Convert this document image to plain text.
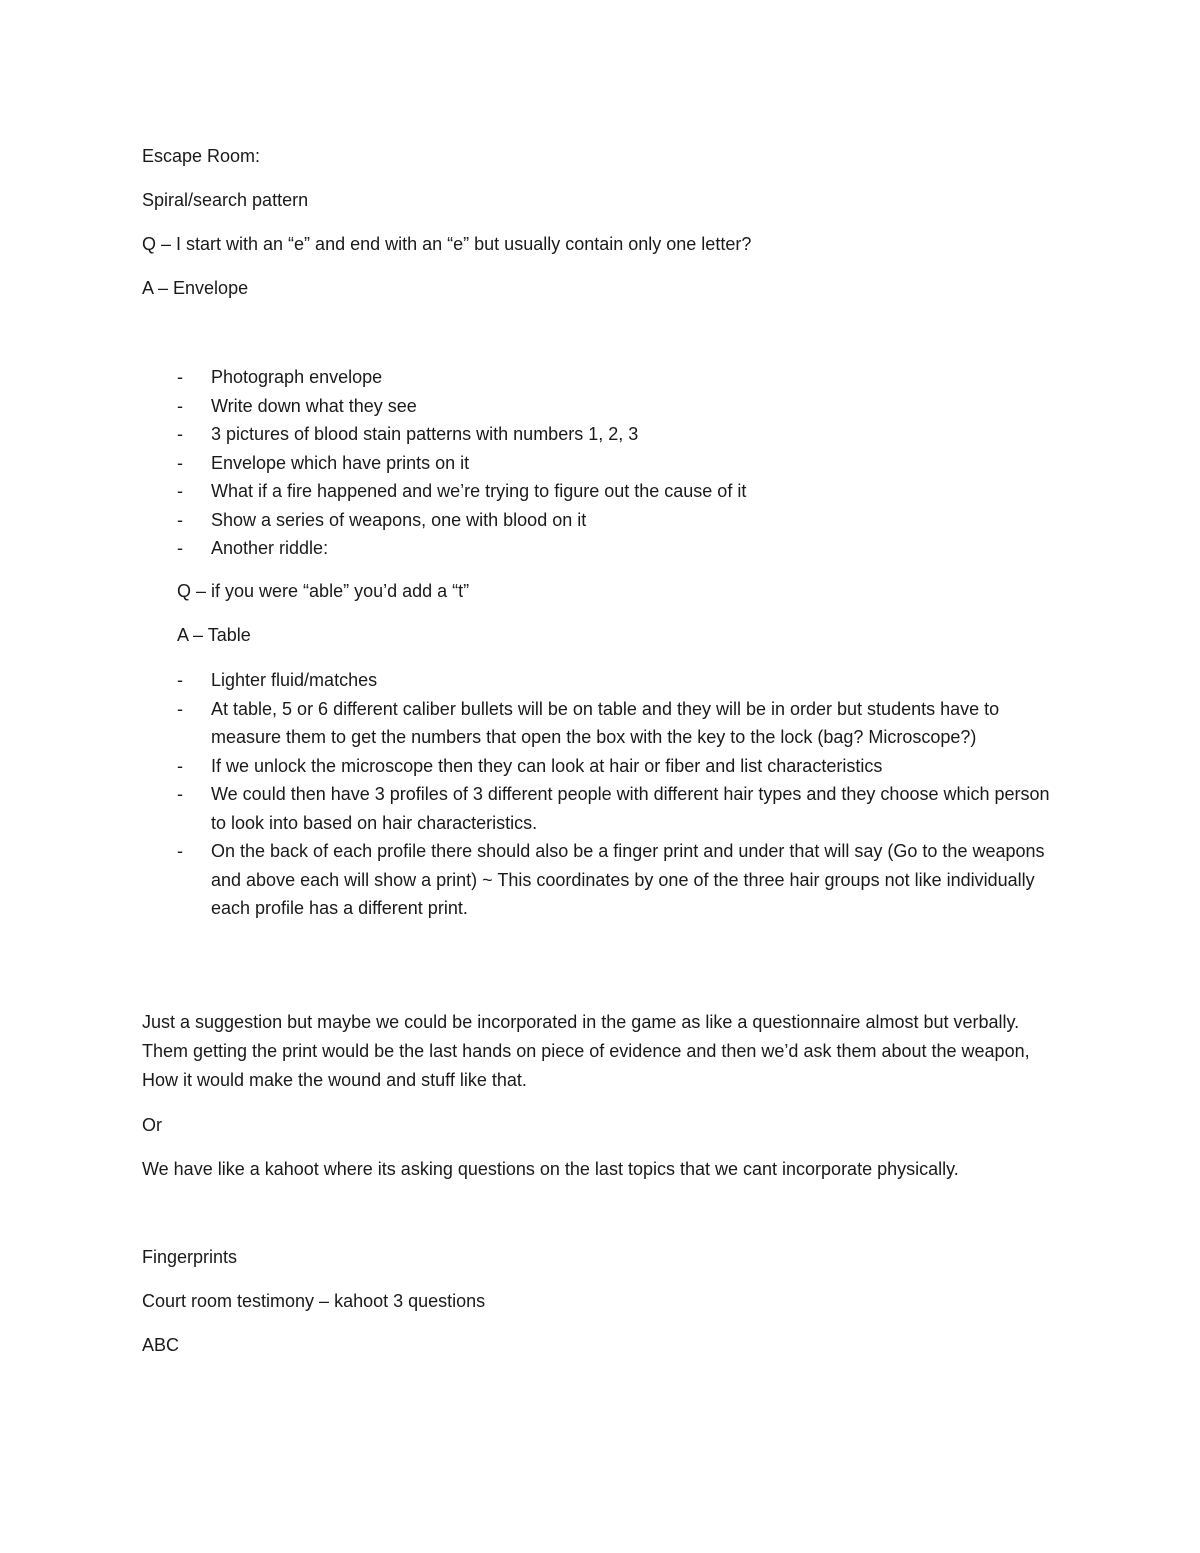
Escape Room:
Spiral/search pattern
Q – I start with an “e” and end with an “e” but usually contain only one letter?
A – Envelope
- Photograph envelope
- Write down what they see
- 3 pictures of blood stain patterns with numbers 1, 2, 3
- Envelope which have prints on it
- What if a fire happened and we’re trying to figure out the cause of it
- Show a series of weapons, one with blood on it
- Another riddle:
Q – if you were “able” you’d add a “t”
A – Table
- Lighter fluid/matches
- At table, 5 or 6 different caliber bullets will be on table and they will be in order but students have to measure them to get the numbers that open the box with the key to the lock (bag? Microscope?)
- If we unlock the microscope then they can look at hair or fiber and list characteristics
- We could then have 3 profiles of 3 different people with different hair types and they choose which person to look into based on hair characteristics.
- On the back of each profile there should also be a finger print and under that will say (Go to the weapons and above each will show a print) ~ This coordinates by one of the three hair groups not like individually each profile has a different print.
Just a suggestion but maybe we could be incorporated in the game as like a questionnaire almost but verbally. Them getting the print would be the last hands on piece of evidence and then we’d ask them about the weapon, How it would make the wound and stuff like that.
Or
We have like a kahoot where its asking questions on the last topics that we cant incorporate physically.
Fingerprints
Court room testimony – kahoot 3 questions
ABC
